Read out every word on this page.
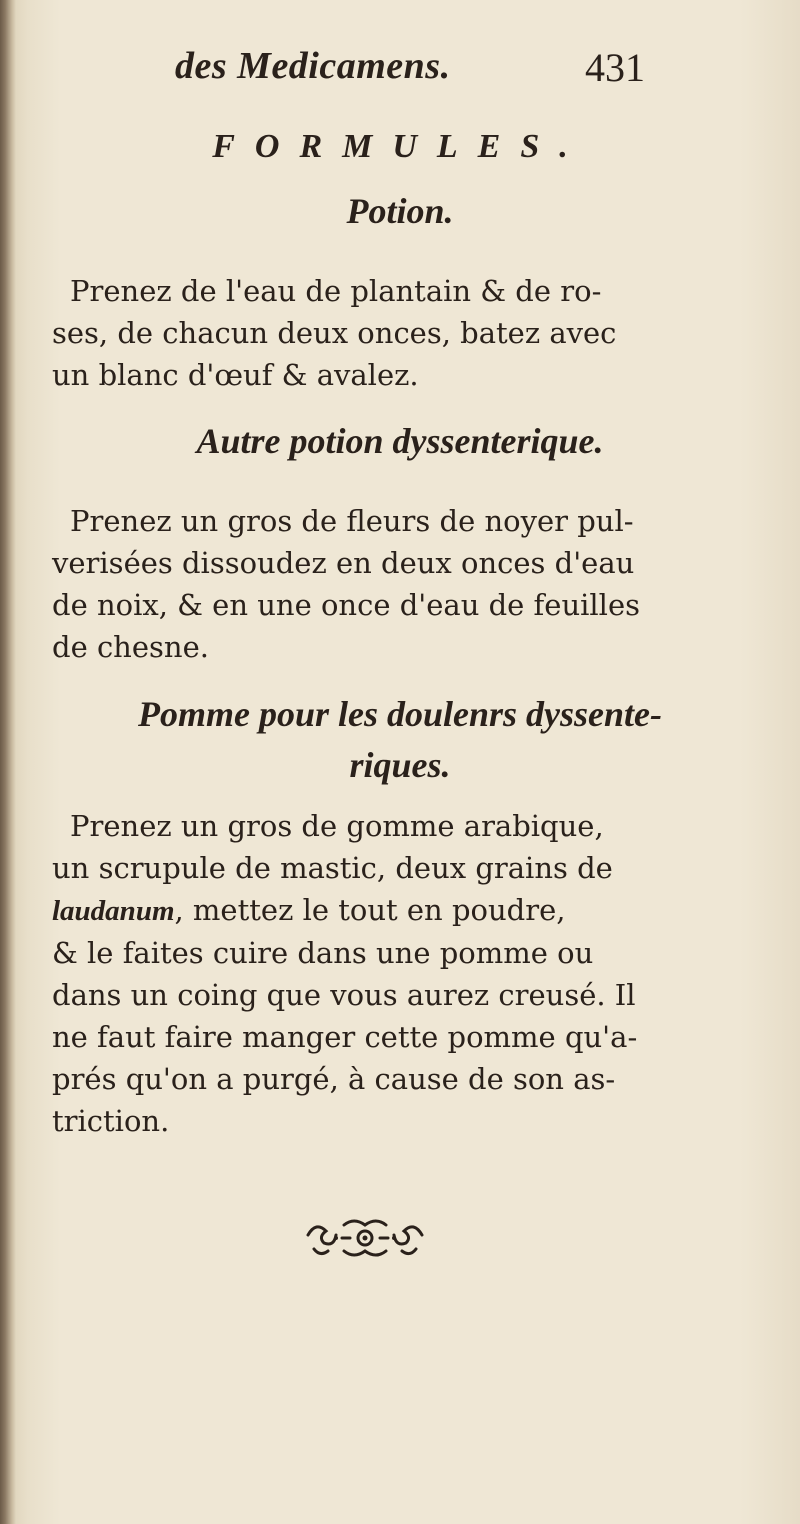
des Medicamens.	431
FORMULES.
Potion.
Prenez de l'eau de plantain & de ro-
ses, de chacun deux onces, batez avec
un blanc d'œuf & avalez.
Autre potion dyssenterique.
Prenez un gros de fleurs de noyer pul-
verisées dissoudez en deux onces d'eau
de noix, & en une once d'eau de feuilles
de chesne.
Pomme pour les doulenrs dyssente-
riques.
Prenez un gros de gomme arabique,
un scrupule de mastic, deux grains de
laudanum, mettez le tout en poudre,
& le faites cuire dans une pomme ou
dans un coing que vous aurez creusé. Il
ne faut faire manger cette pomme qu'a-
prés qu'on a purgé, à cause de son as-
triction.
